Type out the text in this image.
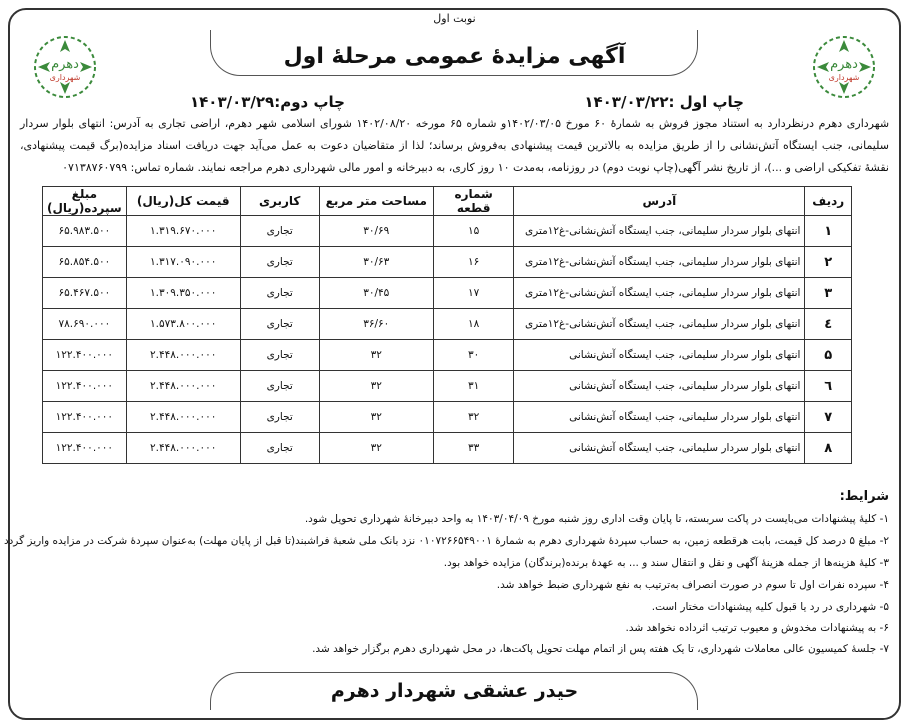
نوبت اول
آگهی مزایدۀ عمومی مرحلۀ اول	دهرم
شهرداری
دهرم
شهرداری
چاپ اول :۱۴۰۳/۰۳/۲۲
چاپ دوم:۱۴۰۳/۰۳/۲۹
شهرداری دهرم درنظردارد به استناد مجوز فروش به شمارۀ ۶۰ مورخ ۱۴۰۲/۰۳/۰۵و شماره ۶۵ مورخه ۱۴۰۲/۰۸/۲۰ شورای اسلامی شهر دهرم، اراضی تجاری به آدرس: انتهای بلوار سردار سلیمانی، جنب ایستگاه آتش‌نشانی را از طریق مزایده به بالاترین قیمت پیشنهادی به‌فروش برساند؛ لذا از متقاضیان دعوت به عمل می‌آید جهت دریافت اسناد مزایده(برگ قیمت پیشنهادی، نقشۀ تفکیکی اراضی و ...)، از تاریخ نشر آگهی(چاپ نوبت دوم) در روزنامه، به‌مدت ۱۰ روز کاری، به دبیرخانه و امور مالی شهرداری دهرم مراجعه نمایند. شماره تماس: ۰۷۱۳۸۷۶۰۷۹۹
ردیف	آدرس	شماره قطعه	مساحت متر مربع	کاربری	قیمت کل(ریال)	مبلغ سپرده(ریال)
۱	انتهای بلوار سردار سلیمانی، جنب ایستگاه آتش‌نشانی-غ۱۲متری	۱۵	۳۰/۶۹	تجاری	۱.۳۱۹.۶۷۰.۰۰۰	۶۵.۹۸۳.۵۰۰
۲	انتهای بلوار سردار سلیمانی، جنب ایستگاه آتش‌نشانی-غ۱۲متری	۱۶	۳۰/۶۳	تجاری	۱.۳۱۷.۰۹۰.۰۰۰	۶۵.۸۵۴.۵۰۰
۳	انتهای بلوار سردار سلیمانی، جنب ایستگاه آتش‌نشانی-غ۱۲متری	۱۷	۳۰/۴۵	تجاری	۱.۳۰۹.۳۵۰.۰۰۰	۶۵.۴۶۷.۵۰۰
٤	انتهای بلوار سردار سلیمانی، جنب ایستگاه آتش‌نشانی-غ۱۲متری	۱۸	۳۶/۶۰	تجاری	۱.۵۷۳.۸۰۰.۰۰۰	۷۸.۶۹۰.۰۰۰
۵	انتهای بلوار سردار سلیمانی، جنب ایستگاه آتش‌نشانی	۳۰	۳۲	تجاری	۲.۴۴۸.۰۰۰.۰۰۰	۱۲۲.۴۰۰.۰۰۰
٦	انتهای بلوار سردار سلیمانی، جنب ایستگاه آتش‌نشانی	۳۱	۳۲	تجاری	۲.۴۴۸.۰۰۰.۰۰۰	۱۲۲.۴۰۰.۰۰۰
۷	انتهای بلوار سردار سلیمانی، جنب ایستگاه آتش‌نشانی	۳۲	۳۲	تجاری	۲.۴۴۸.۰۰۰.۰۰۰	۱۲۲.۴۰۰.۰۰۰
۸	انتهای بلوار سردار سلیمانی، جنب ایستگاه آتش‌نشانی	۳۳	۳۲	تجاری	۲.۴۴۸.۰۰۰.۰۰۰	۱۲۲.۴۰۰.۰۰۰
شرایط:
۱- کلیۀ پیشنهادات می‌بایست در پاکت سربسته، تا پایان وقت اداری روز شنبه مورخ ۱۴۰۳/۰۴/۰۹ به واحد دبیرخانۀ شهرداری تحویل شود.
۲- مبلغ ۵ درصد کل قیمت، بابت هرقطعه زمین، به حساب سپردۀ شهرداری دهرم به شمارۀ ۰۱۰۷۲۶۶۵۴۹۰۰۱ نزد بانک ملی شعبۀ فراشبند(تا قبل از پایان مهلت) به‌عنوان سپردۀ شرکت در مزایده واریز گردد
۳- کلیۀ هزینه‌ها از جمله هزینۀ آگهی و نقل و انتقال سند و ... به عهدۀ برنده(برندگان) مزایده خواهد بود.
۴- سپرده نفرات اول تا سوم در صورت انصراف به‌ترتیب به نفع شهرداری ضبط خواهد شد.
۵- شهرداری در رد یا قبول کلیه پیشنهادات مختار است.
۶- به پیشنهادات مخدوش و معیوب ترتیب اثرداده نخواهد شد.
۷- جلسۀ کمیسیون عالی معاملات شهرداری، تا یک هفته پس از اتمام مهلت تحویل پاکت‌ها، در محل شهرداری دهرم برگزار خواهد شد.
حیدر عشقی شهردار دهرم
